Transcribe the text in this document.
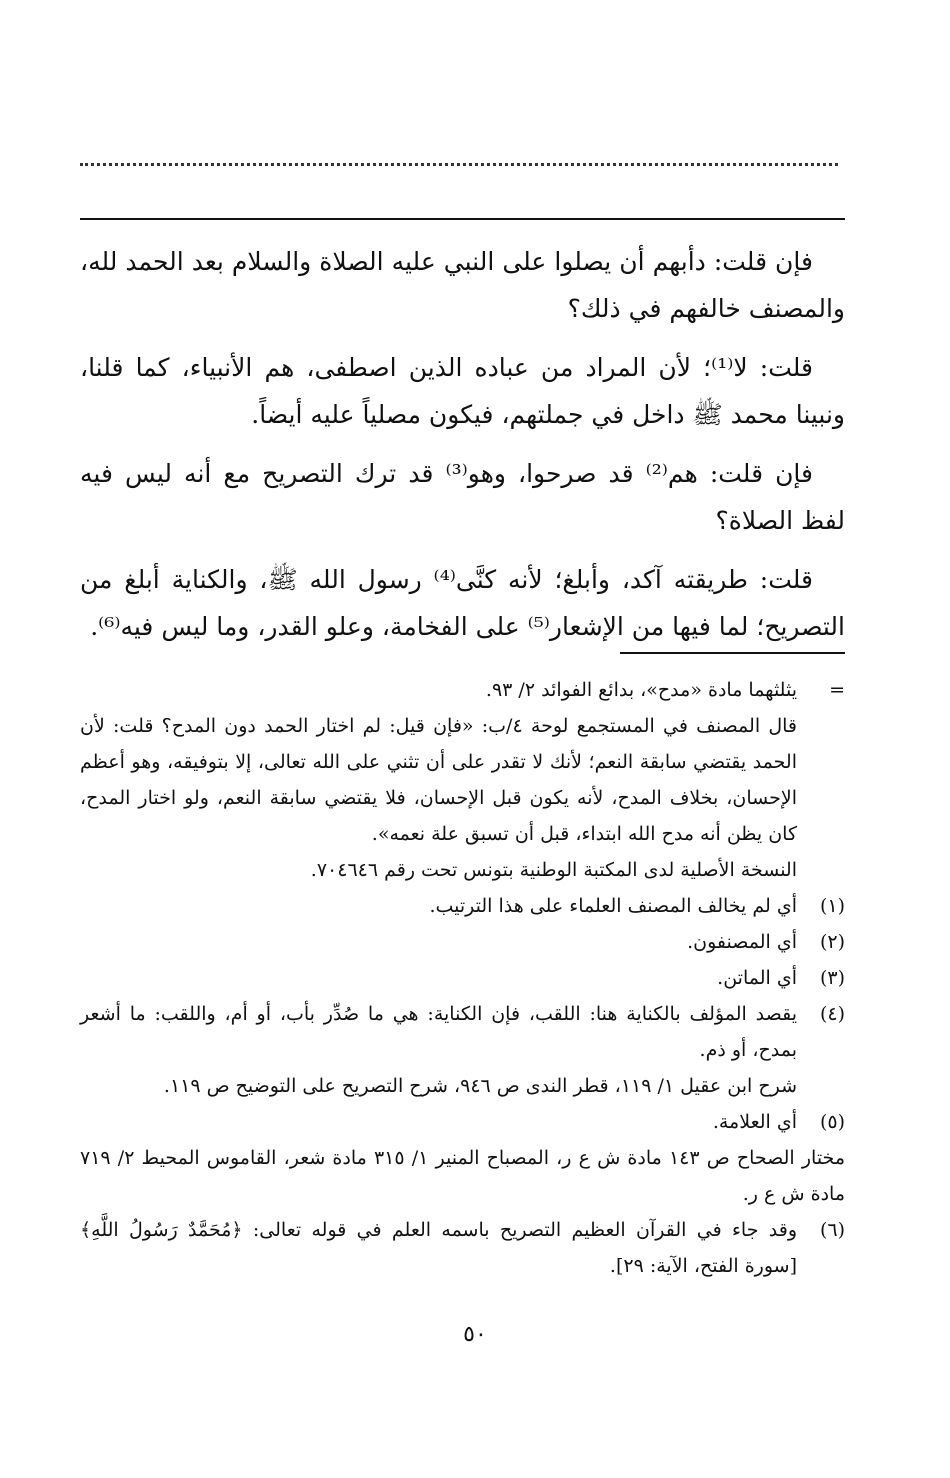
فإن قلت: دأبهم أن يصلوا على النبي عليه الصلاة والسلام بعد الحمد لله، والمصنف خالفهم في ذلك؟

قلت: لا⁽¹⁾؛ لأن المراد من عباده الذين اصطفى، هم الأنبياء، كما قلنا، ونبينا محمد ﷺ داخل في جملتهم، فيكون مصلياً عليه أيضاً.

فإن قلت: هم⁽²⁾ قد صرحوا، وهو⁽³⁾ قد ترك التصريح مع أنه ليس فيه لفظ الصلاة؟

قلت: طريقته آكد، وأبلغ؛ لأنه كنَّى⁽⁴⁾ رسول الله ﷺ، والكناية أبلغ من التصريح؛ لما فيها من الإشعار⁽⁵⁾ على الفخامة، وعلو القدر، وما ليس فيه⁽⁶⁾.

=
يثلثهما مادة «مدح»، بدائع الفوائد ٢/ ٩٣.
قال المصنف في المستجمع لوحة ٤/ب: «فإن قيل: لم اختار الحمد دون المدح؟ قلت: لأن الحمد يقتضي سابقة النعم؛ لأنك لا تقدر على أن تثني على الله تعالى، إلا بتوفيقه، وهو أعظم الإحسان، بخلاف المدح، لأنه يكون قبل الإحسان، فلا يقتضي سابقة النعم، ولو اختار المدح، كان يظن أنه مدح الله ابتداء، قبل أن تسبق علة نعمه».
النسخة الأصلية لدى المكتبة الوطنية بتونس تحت رقم ٧٠٤٦٤٦.
(١)
أي لم يخالف المصنف العلماء على هذا الترتيب.
(٢)
أي المصنفون.
(٣)
أي الماتن.
(٤)
يقصد المؤلف بالكناية هنا: اللقب، فإن الكناية: هي ما صُدِّر بأب، أو أم، واللقب: ما أشعر بمدح، أو ذم.
شرح ابن عقيل ١/ ١١٩، قطر الندى ص ٩٤٦، شرح التصريح على التوضيح ص ١١٩.
(٥)
أي العلامة.
مختار الصحاح ص ١٤٣ مادة ش ع ر، المصباح المنير ١/ ٣١٥ مادة شعر، القاموس المحيط ٢/ ٧١٩ مادة ش ع ر.
(٦)
وقد جاء في القرآن العظيم التصريح باسمه العلم في قوله تعالى: ﴿مُحَمَّدٌ رَسُولُ اللَّهِ﴾ [سورة الفتح، الآية: ٢٩].
٥٠
